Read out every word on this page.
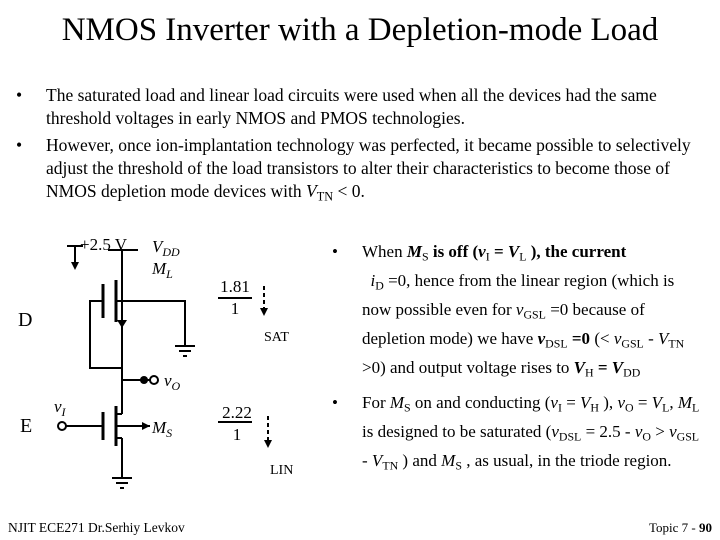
NMOS Inverter with a Depletion-mode Load
• The saturated load and linear load circuits were used when all the devices had the same threshold voltages in early NMOS and PMOS technologies.
• However, once ion-implantation technology was perfected, it became possible to selectively adjust the threshold of the load transistors to alter their characteristics to become those of NMOS depletion mode devices with $V_{TN} < 0$.
+2.5 V $V_{DD}$
$M_L$
$M_S$
$v_O$
$v_I$
D
E
1.81
1
2.22
1
SAT
LIN
• When $M_S$ is off ($v_I = V_L$ ), the current
$i_D =0$, hence from the linear region (which is now possible even for $v_{GSL} =0$ because of depletion mode) we have $v_{DSL} =0$ (< $v_{GSL} - V_{TN} >0$) and output voltage rises to $V_H = V_{DD}$
• For $M_S$ on and conducting ($v_I = V_H$ ), $v_O = V_L$, $M_L$ is designed to be saturated ($v_{DSL} = 2.5 - v_O > v_{GSL} - V_{TN}$ ) and $M_S$ , as usual, in the triode region.
NJIT ECE271 Dr.Serhiy Levkov	Topic 7 - 90
